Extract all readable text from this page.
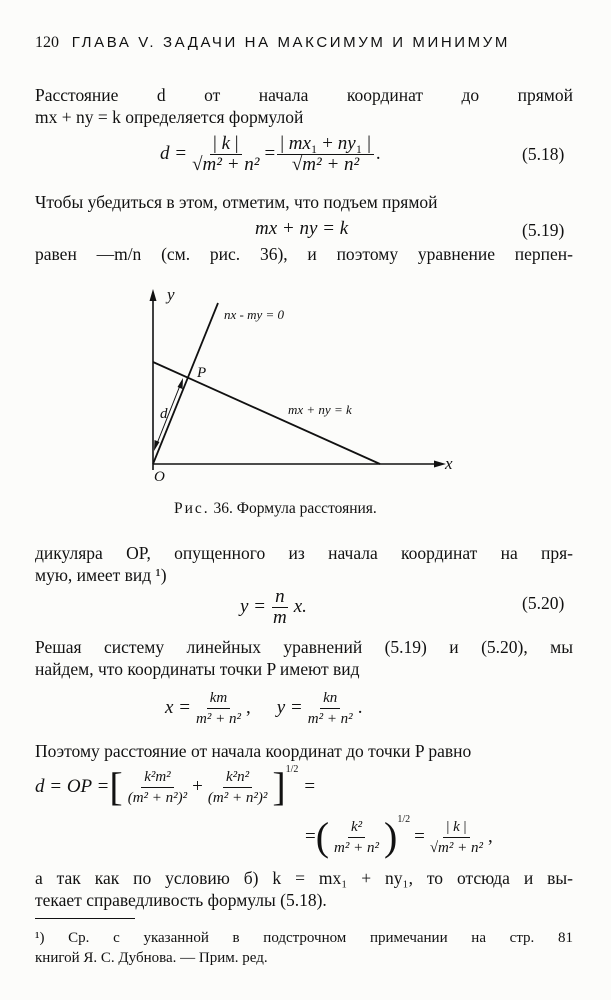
120 ГЛАВА V. ЗАДАЧИ НА МАКСИМУМ И МИНИМУМ
Расстояние d от начала координат до прямой
mx + ny = k определяется формулой
$d = \frac{| k |}{\text{√m² + n²}} = \frac{\text{| mx₁ + ny₁ |}}{\text{√m² + n²}}$ .	(5.18)
Чтобы убедиться в этом, отметим, что подъем прямой
mx + ny = k	(5.19)
равен —m/n (см. рис. 36), и поэтому уравнение перпен-
y
x
O
P
d
nx - my = 0
mx + ny = k
Рис. 36. Формула расстояния.
дикуляра OP, опущенного из начала координат на пря-
мую, имеет вид ¹)
$y = \frac{n}{m} x$.	(5.20)
Решая систему линейных уравнений (5.19) и (5.20), мы
найдем, что координаты точки P имеют вид
$x = \frac{km}{\text{m² + n²}}$ , $y = \frac{kn}{\text{m² + n²}}$ .
Поэтому расстояние от начала координат до точки P равно
d = OP = [ $\frac{\text{k²m²}}{\text{(m² + n²)²}} + \frac{\text{k²n²}}{\text{(m² + n²)²}} ]^{1/2}$
=
= ( $\frac{\text{k²}}{\text{m² + n²}} )^{1/2}$
= $\frac{| k |}{\text{√m² + n²}}$ ,
а так как по условию б) k = mx₁ + ny₁, то отсюда и вы-
текает справедливость формулы (5.18).
¹) Ср. с указанной в подстрочном примечании на стр. 81
книгой Я. С. Дубнова. — Прим. ред.
